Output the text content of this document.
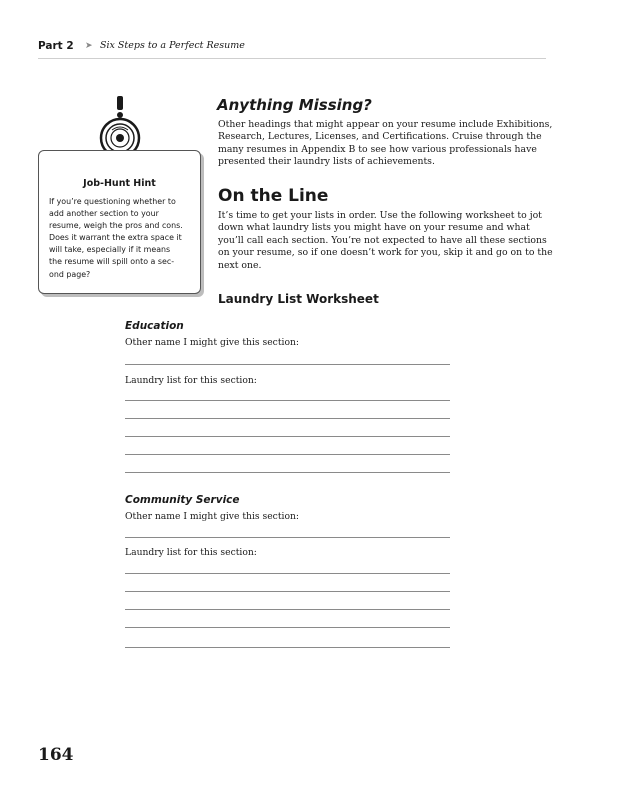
Part 2 ➤ Six Steps to a Perfect Resume
Job-Hunt Hint
If you’re questioning whether to
add another section to your
resume, weigh the pros and cons.
Does it warrant the extra space it
will take, especially if it means
the resume will spill onto a sec-
ond page?
Anything Missing?
Other headings that might appear on your resume include Exhibitions,
Research, Lectures, Licenses, and Certifications. Cruise through the
many resumes in Appendix B to see how various professionals have
presented their laundry lists of achievements.
On the Line
It’s time to get your lists in order. Use the following worksheet to jot
down what laundry lists you might have on your resume and what
you’ll call each section. You’re not expected to have all these sections
on your resume, so if one doesn’t work for you, skip it and go on to the
next one.
Laundry List Worksheet
Education
Other name I might give this section:
Laundry list for this section:
Community Service
Other name I might give this section:
Laundry list for this section:
164
